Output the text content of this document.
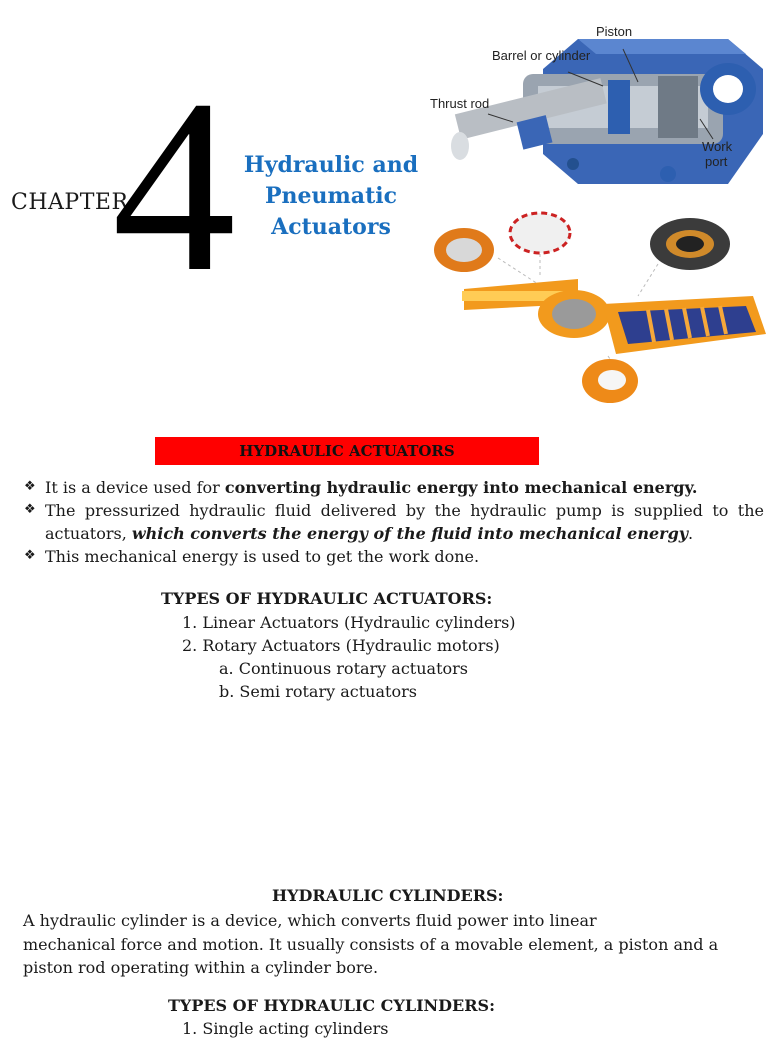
CHAPTER
4 Hydraulic and
Pneumatic
Actuators
Piston
Barrel or cylinder
Thrust rod
Work
port
HYDRAULIC ACTUATORS
❖ It is a device used for converting hydraulic energy into mechanical energy.
❖ The pressurized hydraulic fluid delivered by the hydraulic pump is supplied to the actuators, which converts the energy of the fluid into mechanical energy.
❖ This mechanical energy is used to get the work done.
TYPES OF HYDRAULIC ACTUATORS:
1. Linear Actuators (Hydraulic cylinders)
2. Rotary Actuators (Hydraulic motors)
a. Continuous rotary actuators
b. Semi rotary actuators
HYDRAULIC CYLINDERS:
A hydraulic cylinder is a device, which converts fluid power into linear
mechanical force and motion. It usually consists of a movable element, a piston and a
piston rod operating within a cylinder bore.
TYPES OF HYDRAULIC CYLINDERS:
1. Single acting cylinders
